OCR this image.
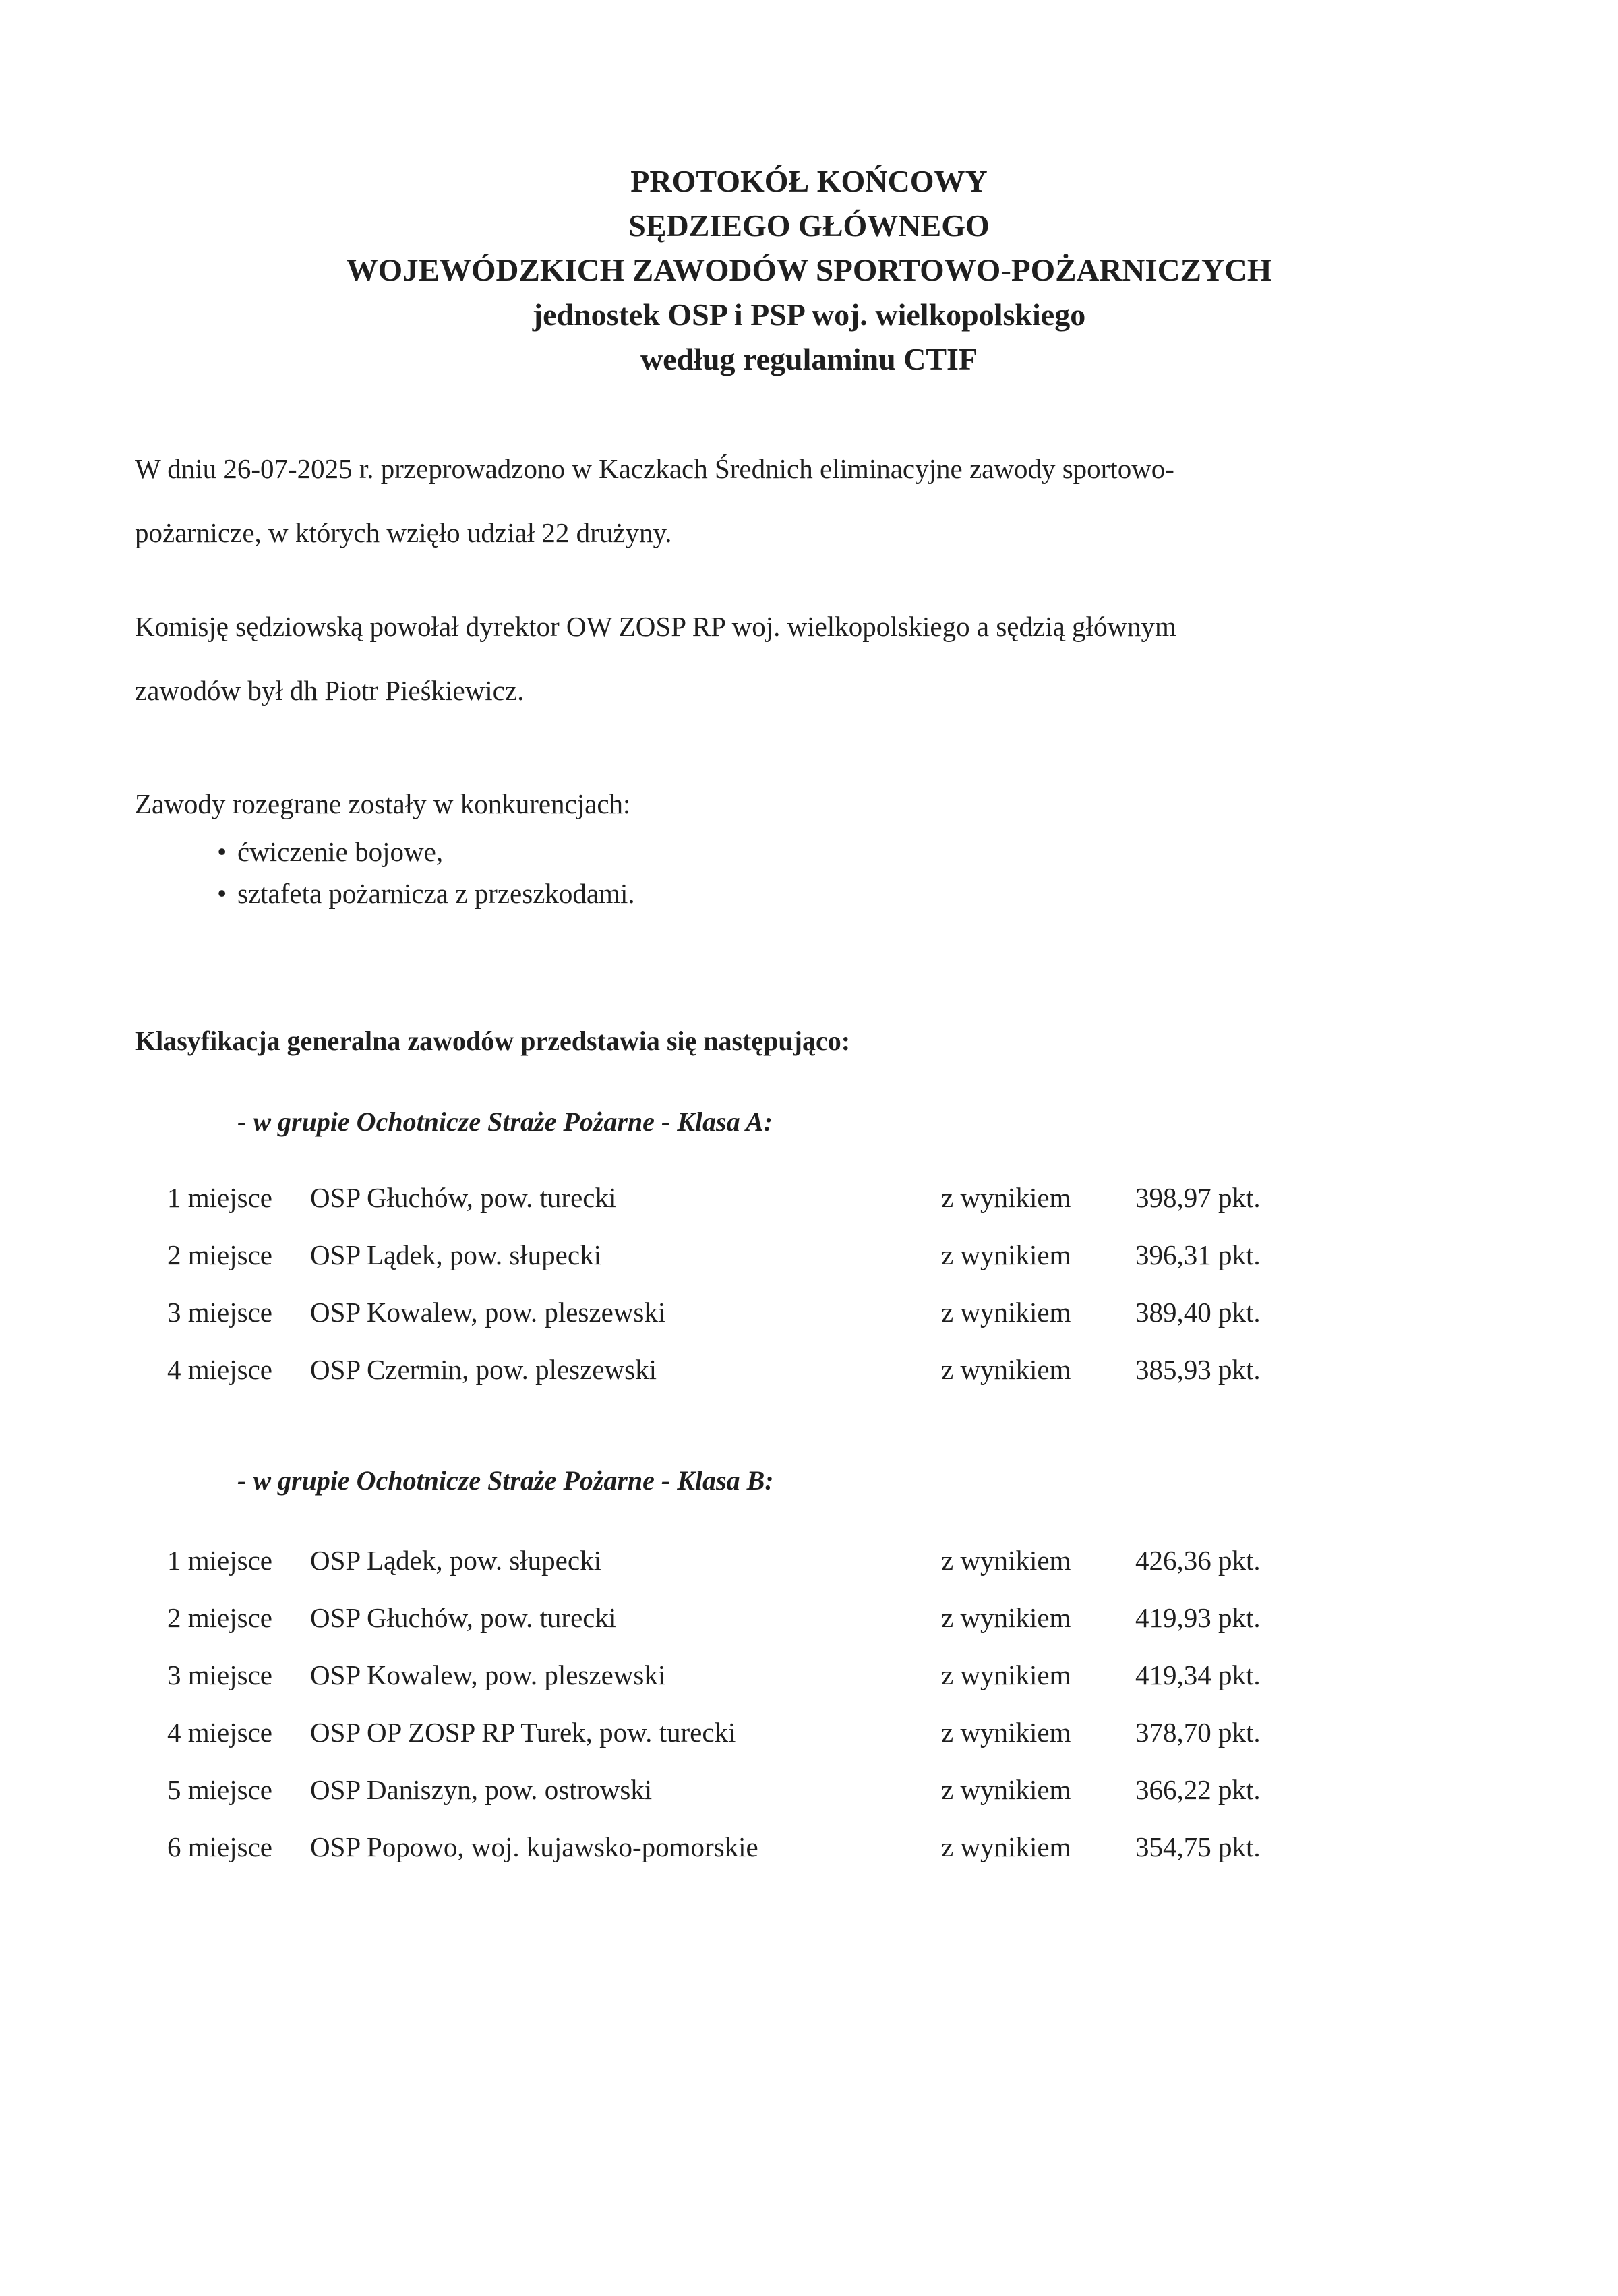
PROTOKÓŁ KOŃCOWY
SĘDZIEGO GŁÓWNEGO
WOJEWÓDZKICH ZAWODÓW SPORTOWO-POŻARNICZYCH
jednostek OSP i PSP woj. wielkopolskiego
według regulaminu CTIF
W dniu 26-07-2025 r. przeprowadzono w Kaczkach Średnich eliminacyjne zawody sportowo-
pożarnicze, w których wzięło udział 22 drużyny.
Komisję sędziowską powołał dyrektor OW ZOSP RP woj. wielkopolskiego a sędzią głównym
zawodów był dh Piotr Pieśkiewicz.
Zawody rozegrane zostały w konkurencjach:
• ćwiczenie bojowe,
• sztafeta pożarnicza z przeszkodami.
Klasyfikacja generalna zawodów przedstawia się następująco:
- w grupie Ochotnicze Straże Pożarne - Klasa A:
1 miejsce OSP Głuchów, pow. turecki	z wynikiem 398,97 pkt.
2 miejsce OSP Lądek, pow. słupecki	z wynikiem 396,31 pkt.
3 miejsce OSP Kowalew, pow. pleszewski	z wynikiem 389,40 pkt.
4 miejsce OSP Czermin, pow. pleszewski	z wynikiem 385,93 pkt.
- w grupie Ochotnicze Straże Pożarne - Klasa B:
1 miejsce OSP Lądek, pow. słupecki	z wynikiem 426,36 pkt.
2 miejsce OSP Głuchów, pow. turecki	z wynikiem 419,93 pkt.
3 miejsce OSP Kowalew, pow. pleszewski	z wynikiem 419,34 pkt.
4 miejsce OSP OP ZOSP RP Turek, pow. turecki	z wynikiem 378,70 pkt.
5 miejsce OSP Daniszyn, pow. ostrowski	z wynikiem 366,22 pkt.
6 miejsce OSP Popowo, woj. kujawsko-pomorskie	z wynikiem 354,75 pkt.
